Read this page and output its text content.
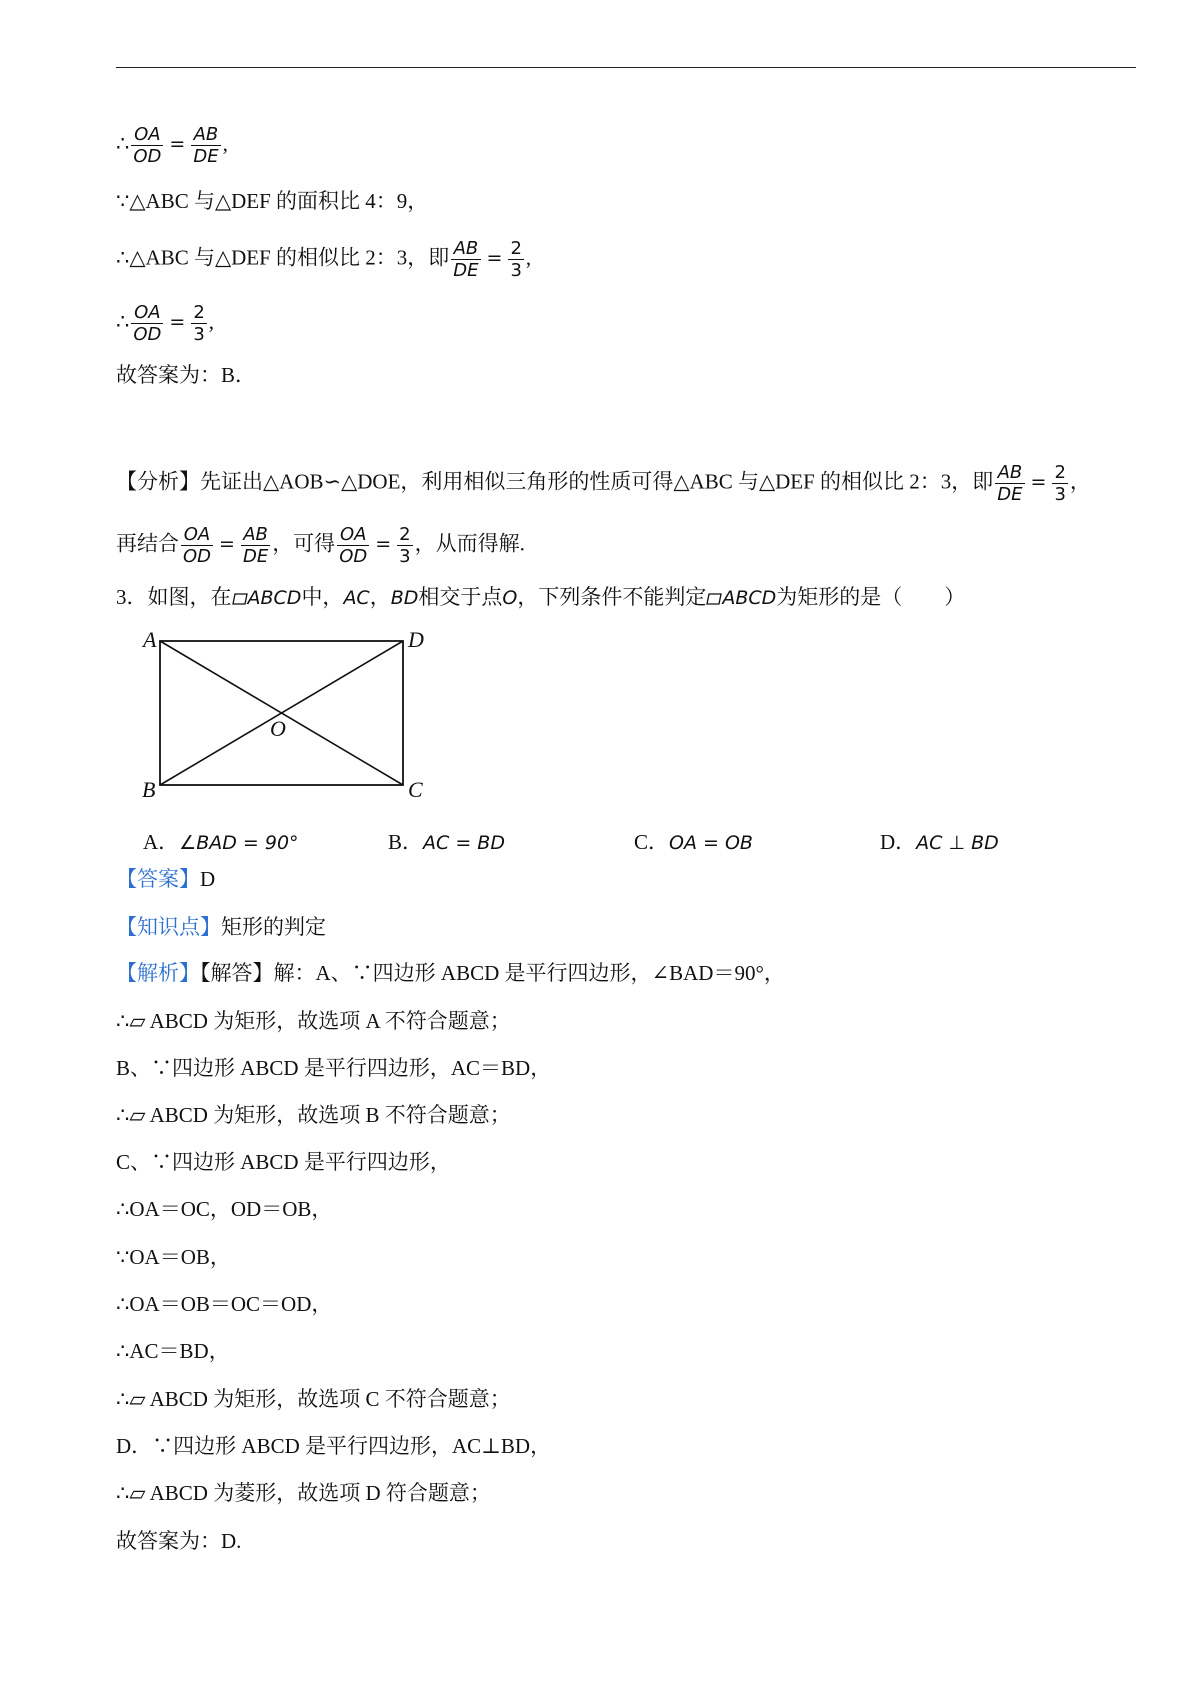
∴ $\frac{OA}{OD} = \frac{AB}{DE}$ ,
∵△ABC 与△DEF 的面积比 4：9，
∴△ABC 与△DEF 的相似比 2：3，即 $\frac{AB}{DE} = \frac{2}{3}$ ,
∴ $\frac{OA}{OD} = \frac{2}{3}$ ,
故答案为：B．
【分析】先证出△AOB∽△DOE，利用相似三角形的性质可得△ABC 与△DEF 的相似比 2：3，即 $\frac{AB}{DE} = \frac{2}{3}$ ，
再结合 $\frac{OA}{OD} = \frac{AB}{DE}$ ，可得 $\frac{OA}{OD} = \frac{2}{3}$ ，从而得解.
3．如图，在 ABCD中，AC，BD相交于点O，下列条件不能判定 ABCD为矩形的是（　　）
A	D
B	C
O
A．∠BAD = 90°	B．AC = BD	C．OA = OB	D．AC ⊥ BD
【答案】D
【知识点】矩形的判定
【解析】【解答】解：A、∵四边形 ABCD 是平行四边形，∠BAD＝90°，
∴▱ ABCD 为矩形，故选项 A 不符合题意；
B、∵四边形 ABCD 是平行四边形，AC＝BD，
∴▱ ABCD 为矩形，故选项 B 不符合题意；
C、∵四边形 ABCD 是平行四边形，
∴OA＝OC，OD＝OB，
∵OA＝OB，
∴OA＝OB＝OC＝OD，
∴AC＝BD，
∴▱ ABCD 为矩形，故选项 C 不符合题意；
D．∵四边形 ABCD 是平行四边形，AC⊥BD，
∴▱ ABCD 为菱形，故选项 D 符合题意；
故答案为：D.
